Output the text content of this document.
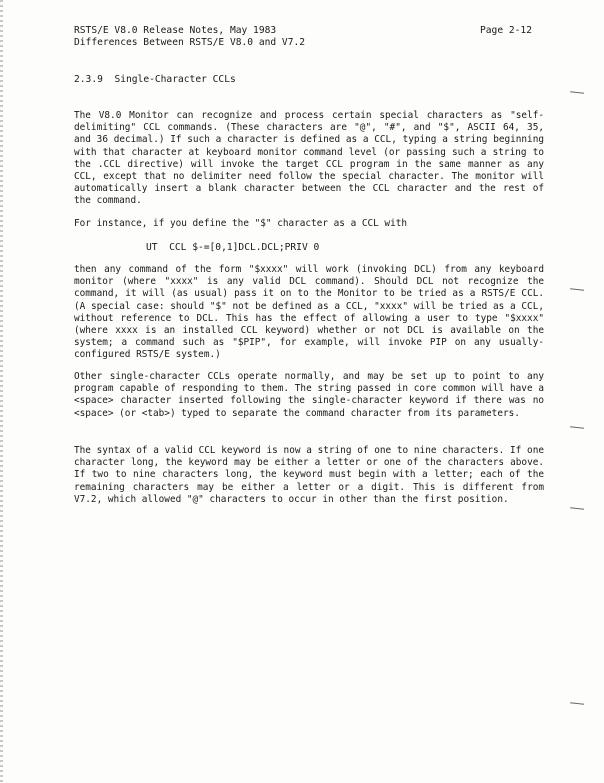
RSTS/E V8.0 Release Notes, May 1983
Differences Between RSTS/E V8.0 and V7.2
Page 2-12
2.3.9 Single-Character CCLs
The V8.0 Monitor can recognize and process certain special characters as "self-delimiting" CCL commands. (These characters are "@", "#", and "$", ASCII 64, 35, and 36 decimal.) If such a character is defined as a CCL, typing a string beginning with that character at keyboard monitor command level (or passing such a string to the .CCL directive) will invoke the target CCL program in the same manner as any CCL, except that no delimiter need follow the special character. The monitor will automatically insert a blank character between the CCL character and the rest of the command.
For instance, if you define the "$" character as a CCL with
UT  CCL $-=[0,1]DCL.DCL;PRIV 0
then any command of the form "$xxxx" will work (invoking DCL) from any keyboard monitor (where "xxxx" is any valid DCL command). Should DCL not recognize the command, it will (as usual) pass it on to the Monitor to be tried as a RSTS/E CCL. (A special case: should "$" not be defined as a CCL, "xxxx" will be tried as a CCL, without reference to DCL. This has the effect of allowing a user to type "$xxxx" (where xxxx is an installed CCL keyword) whether or not DCL is available on the system; a command such as "$PIP", for example, will invoke PIP on any usually-configured RSTS/E system.)
Other single-character CCLs operate normally, and may be set up to point to any program capable of responding to them. The string passed in core common will have a <space> character inserted following the single-character keyword if there was no <space> (or <tab>) typed to separate the command character from its parameters.
The syntax of a valid CCL keyword is now a string of one to nine characters. If one character long, the keyword may be either a letter or one of the characters above. If two to nine characters long, the keyword must begin with a letter; each of the remaining characters may be either a letter or a digit. This is different from V7.2, which allowed "@" characters to occur in other than the first position.
